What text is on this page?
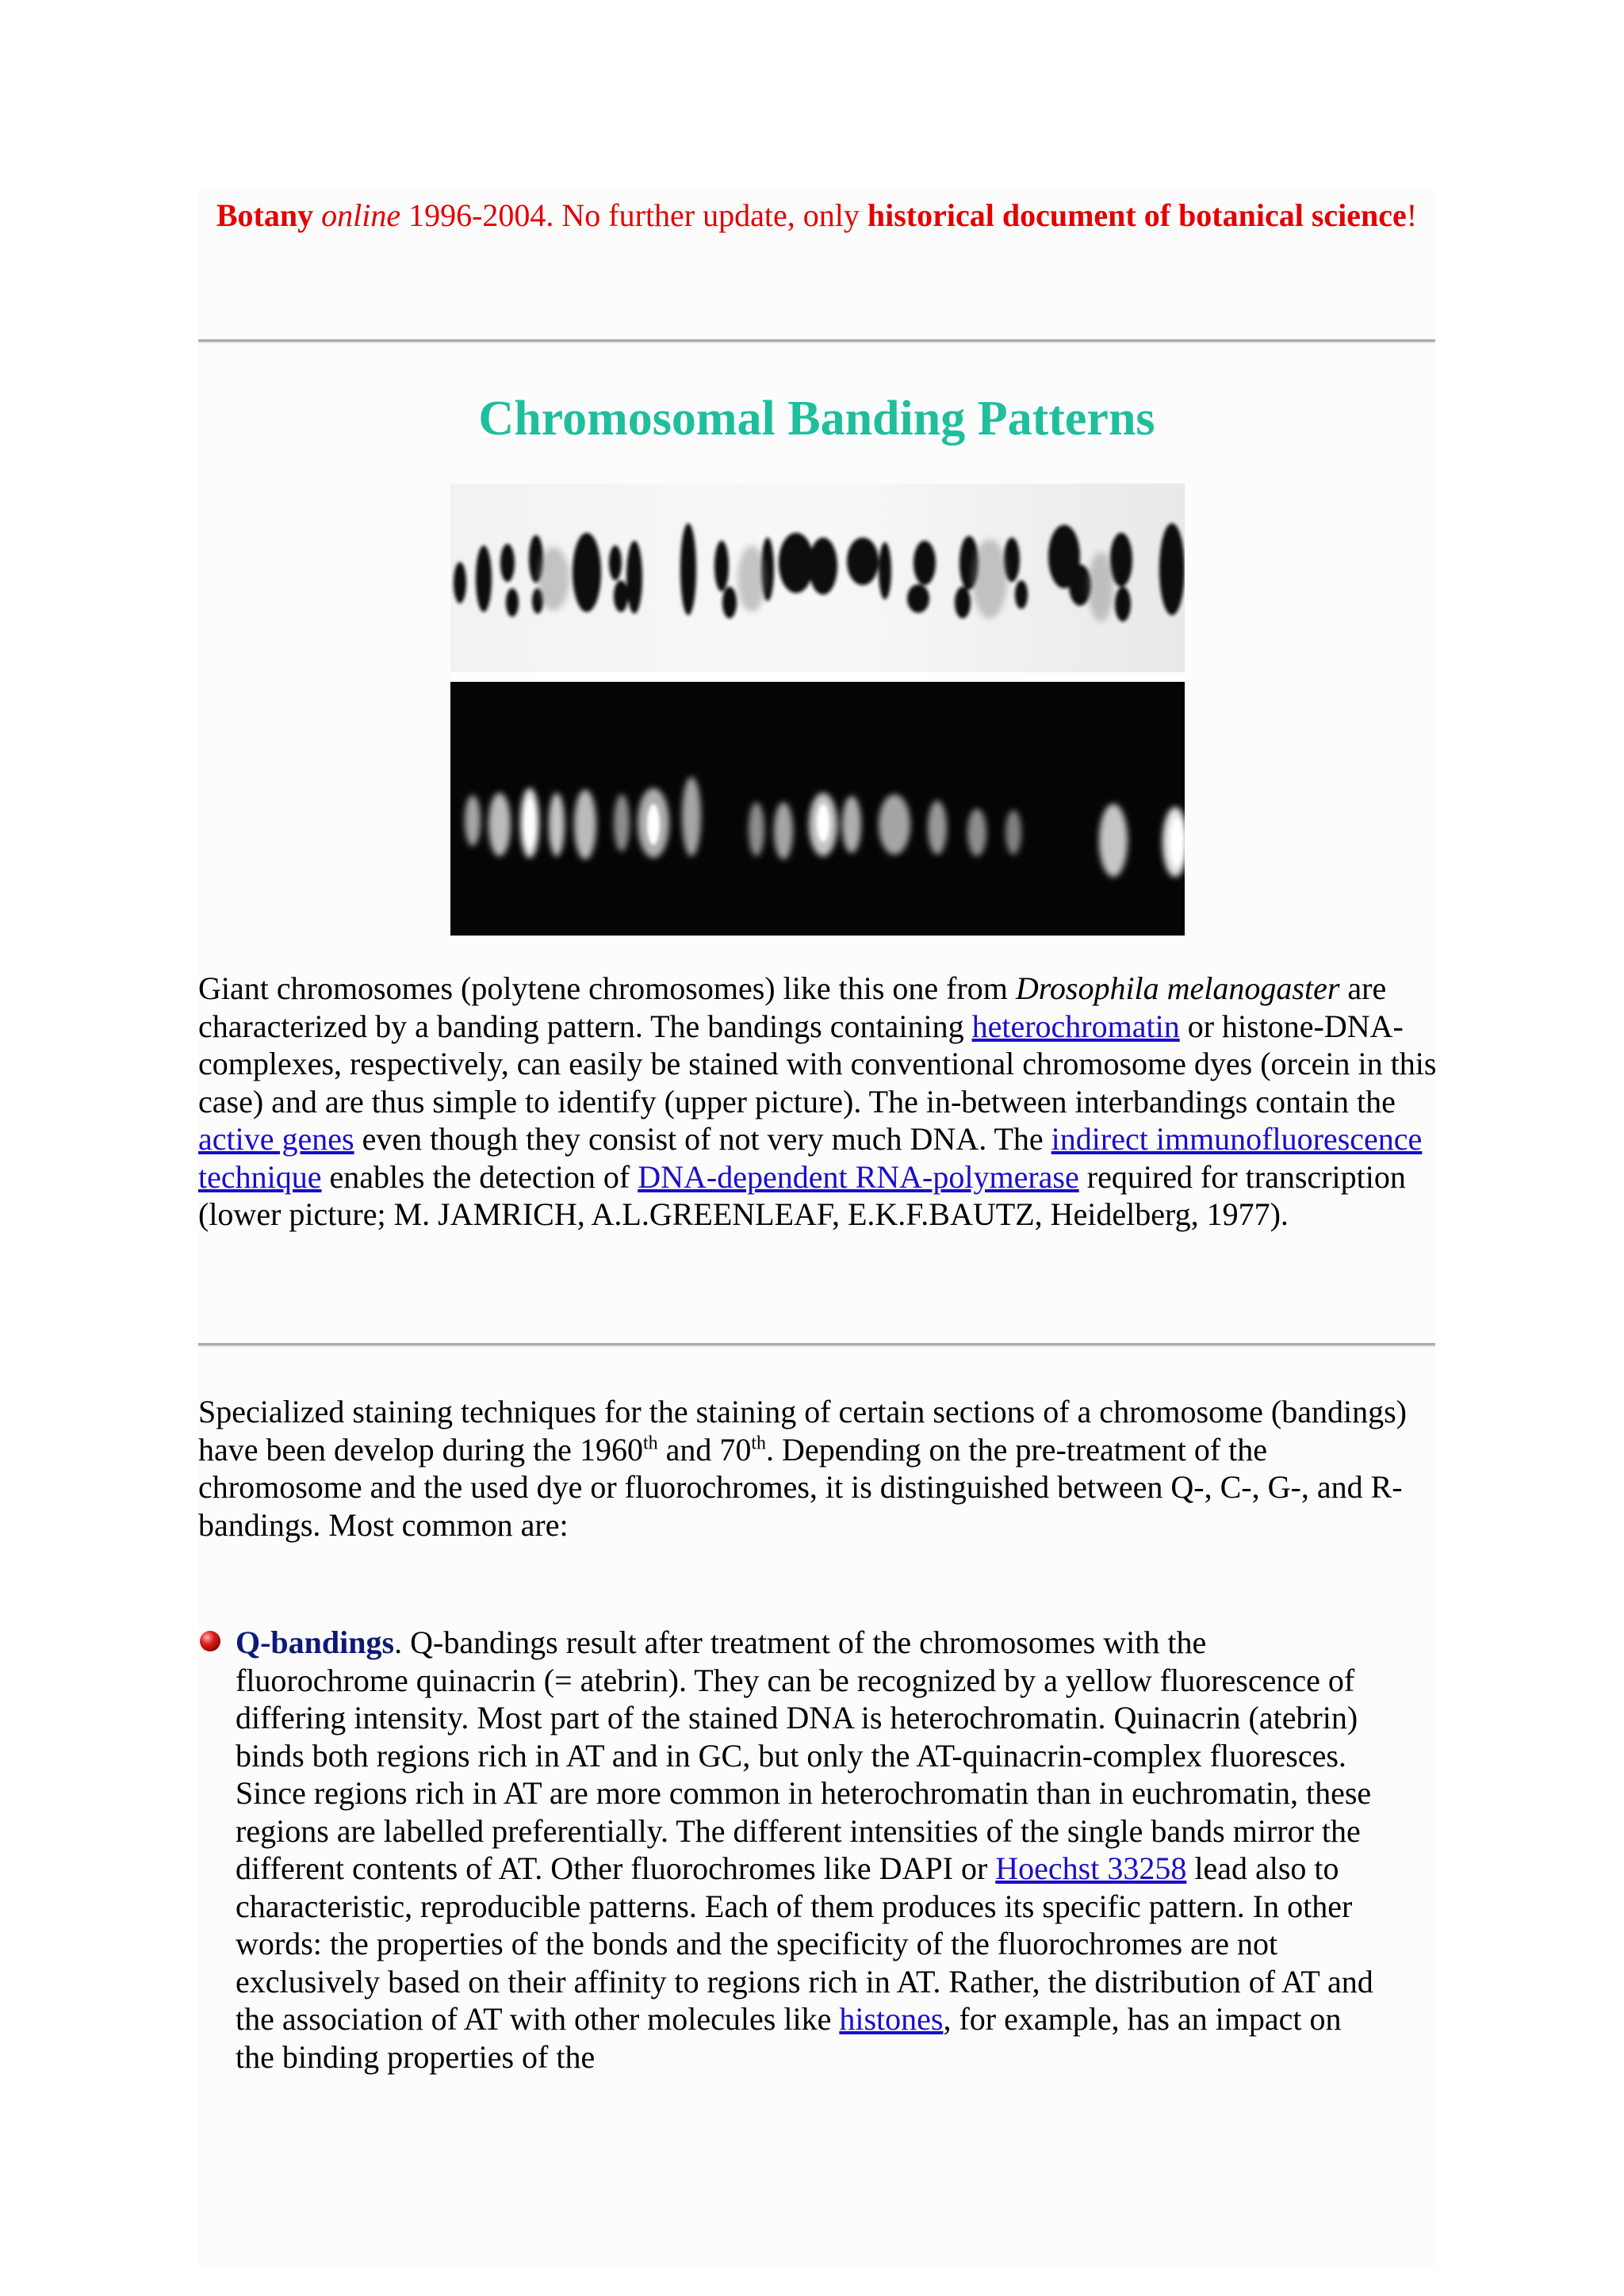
Botany online 1996-2004. No further update, only historical document of botanical science!

Chromosomal Banding Patterns

Giant chromosomes (polytene chromosomes) like this one from Drosophila melanogaster are characterized by a banding pattern. The bandings containing heterochromatin or histone-DNA-complexes, respectively, can easily be stained with conventional chromosome dyes (orcein in this case) and are thus simple to identify (upper picture). The in-between interbandings contain the active genes even though they consist of not very much DNA. The indirect immunofluorescence technique enables the detection of DNA-dependent RNA-polymerase required for transcription (lower picture; M. JAMRICH, A.L.GREENLEAF, E.K.F.BAUTZ, Heidelberg, 1977).

Specialized staining techniques for the staining of certain sections of a chromosome (bandings) have been develop during the 1960th and 70th. Depending on the pre-treatment of the chromosome and the used dye or fluorochromes, it is distinguished between Q-, C-, G-, and R-bandings. Most common are:

Q-bandings. Q-bandings result after treatment of the chromosomes with the fluorochrome quinacrin (= atebrin). They can be recognized by a yellow fluorescence of differing intensity. Most part of the stained DNA is heterochromatin. Quinacrin (atebrin) binds both regions rich in AT and in GC, but only the AT-quinacrin-complex fluoresces. Since regions rich in AT are more common in heterochromatin than in euchromatin, these regions are labelled preferentially. The different intensities of the single bands mirror the different contents of AT. Other fluorochromes like DAPI or Hoechst 33258 lead also to characteristic, reproducible patterns. Each of them produces its specific pattern. In other words: the properties of the bonds and the specificity of the fluorochromes are not exclusively based on their affinity to regions rich in AT. Rather, the distribution of AT and the association of AT with other molecules like histones, for example, has an impact on the binding properties of the
